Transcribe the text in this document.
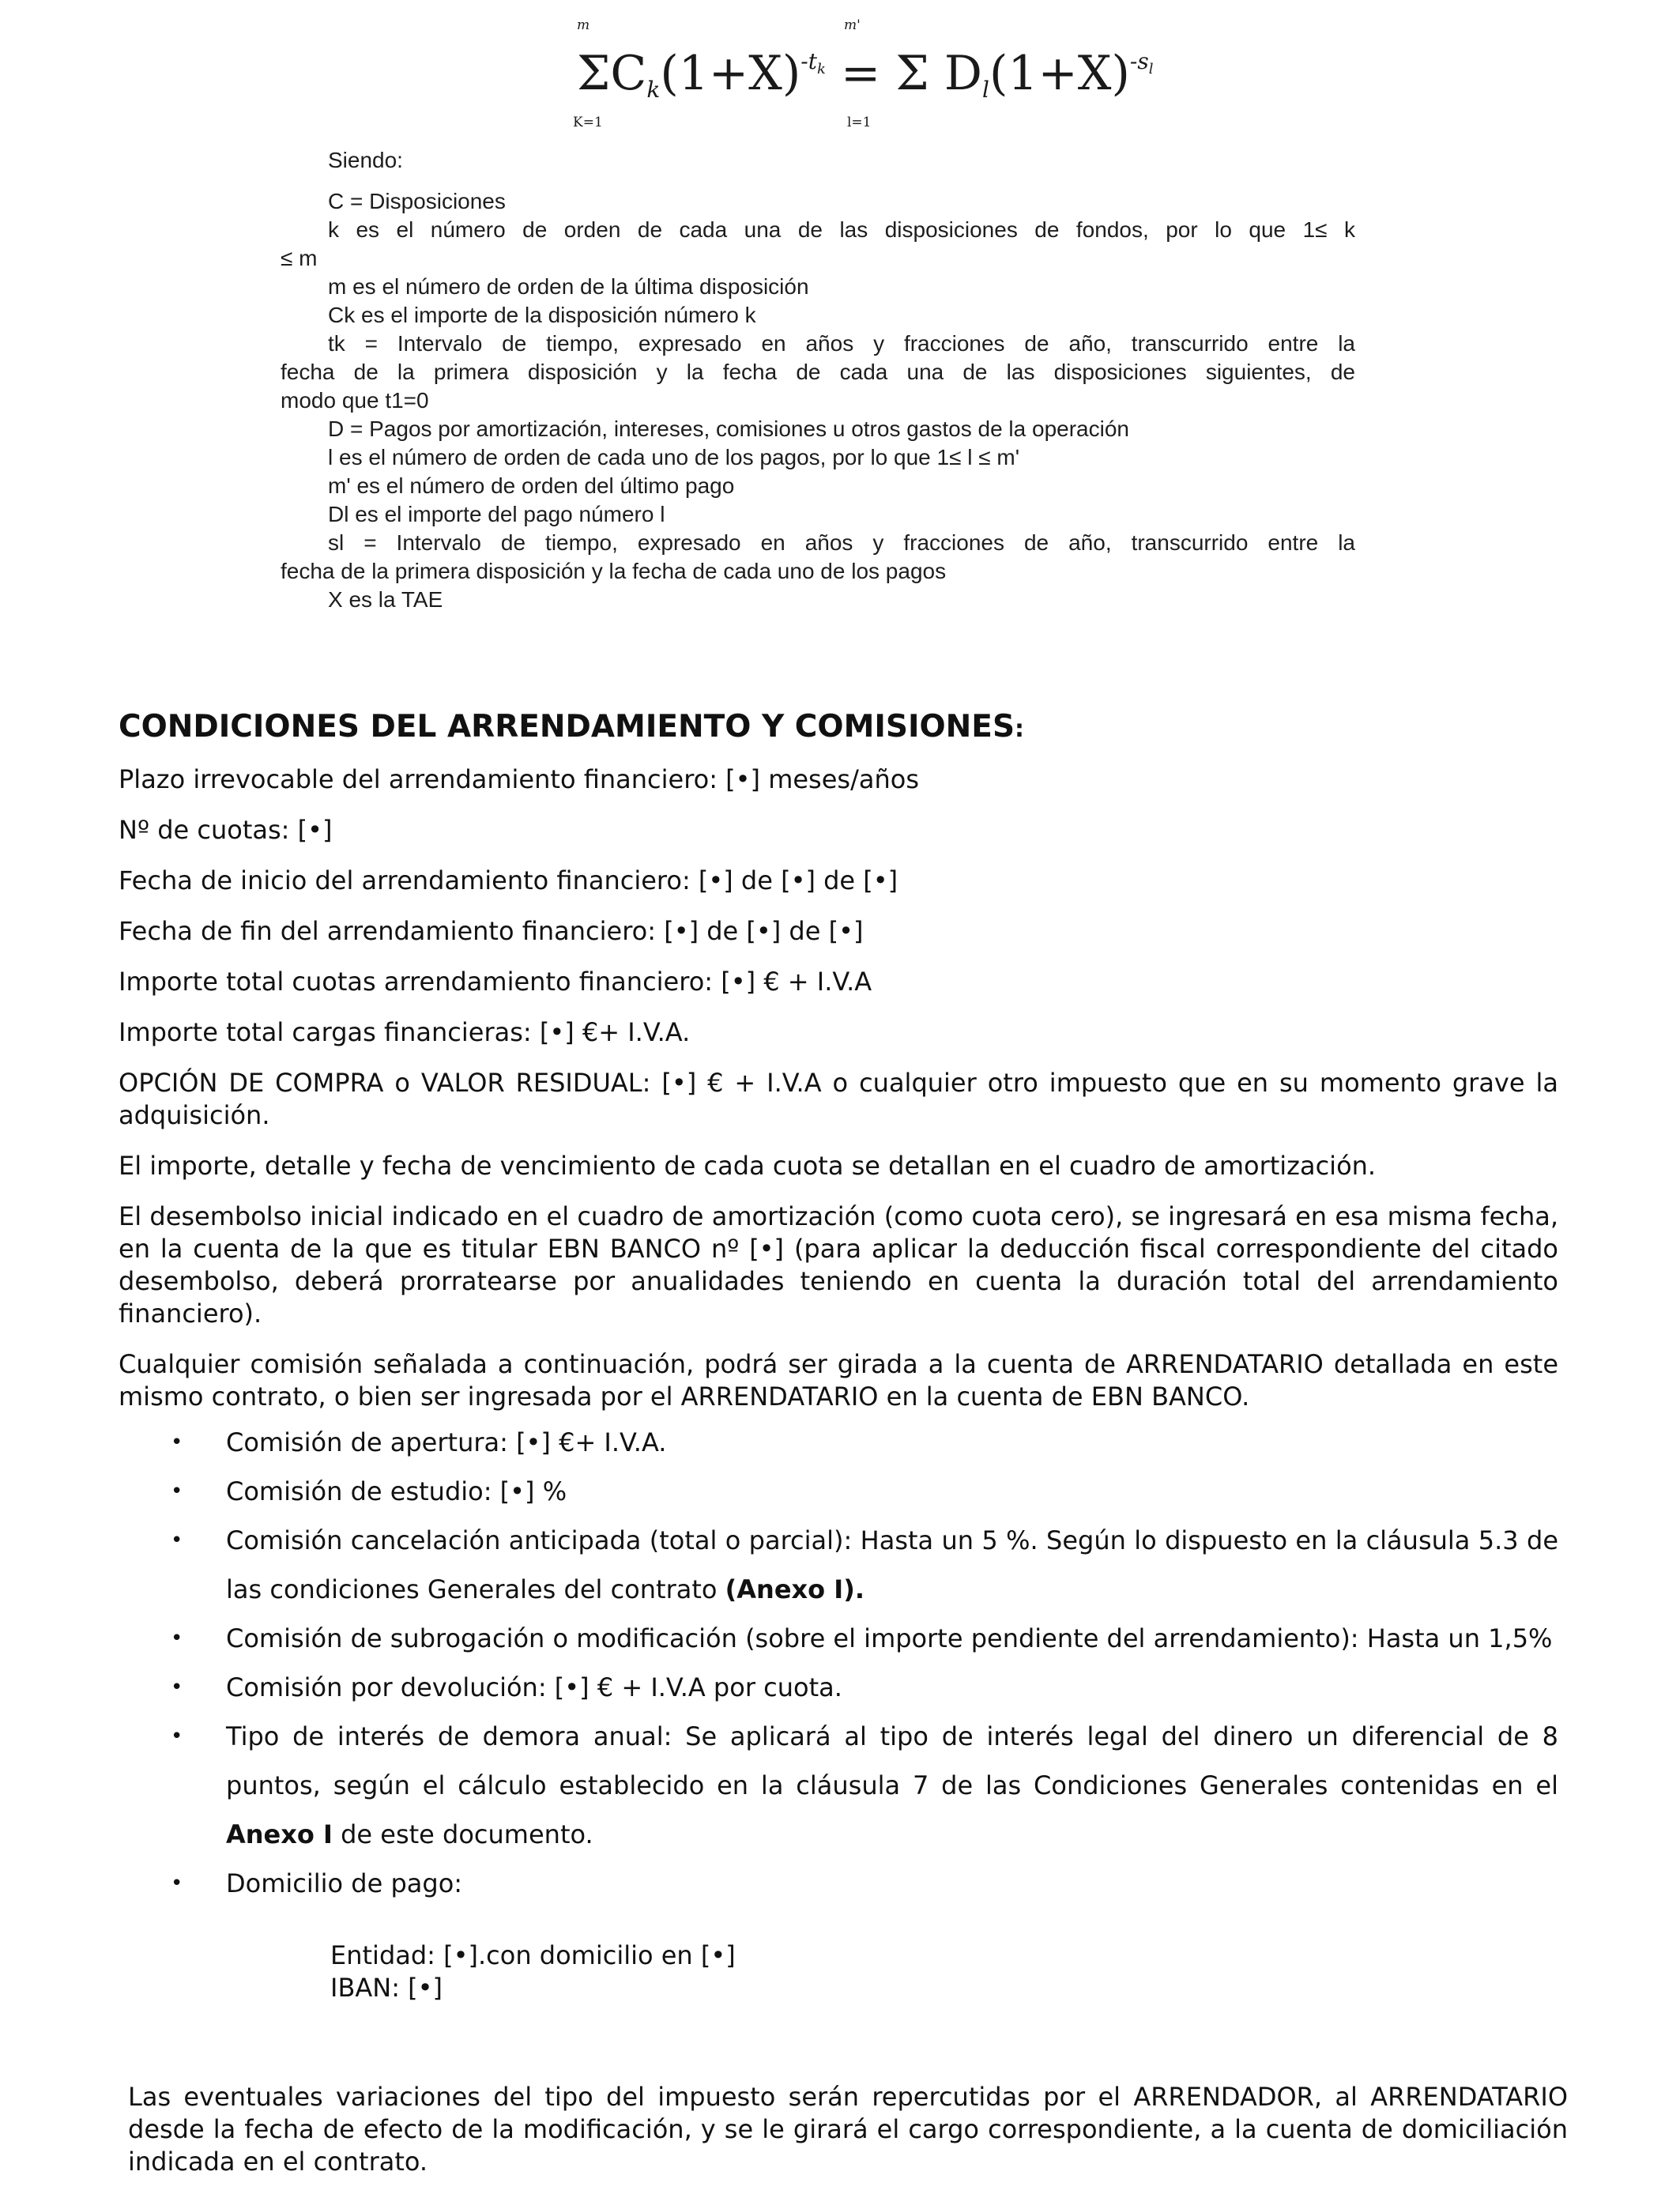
m	m'
$\Sigma C_k(1+X)^{-t_k} = \Sigma$ $D_l(1+X)^{-s_l}$
K=1	l=1
Siendo:
C = Disposiciones
k es el número de orden de cada una de las disposiciones de fondos, por lo que 1≤ k
≤ m
m es el número de orden de la última disposición
Ck es el importe de la disposición número k
tk = Intervalo de tiempo, expresado en años y fracciones de año, transcurrido entre la
fecha de la primera disposición y la fecha de cada una de las disposiciones siguientes, de
modo que t1=0
D = Pagos por amortización, intereses, comisiones u otros gastos de la operación
l es el número de orden de cada uno de los pagos, por lo que 1≤ l ≤ m'
m' es el número de orden del último pago
Dl es el importe del pago número l
sl = Intervalo de tiempo, expresado en años y fracciones de año, transcurrido entre la
fecha de la primera disposición y la fecha de cada uno de los pagos
X es la TAE
CONDICIONES DEL ARRENDAMIENTO Y COMISIONES:

Plazo irrevocable del arrendamiento financiero: [•] meses/años

Nº de cuotas: [•]

Fecha de inicio del arrendamiento financiero: [•] de [•] de [•]

Fecha de fin del arrendamiento financiero: [•] de [•] de [•]

Importe total cuotas arrendamiento financiero: [•] € + I.V.A

Importe total cargas financieras: [•] €+ I.V.A.

OPCIÓN DE COMPRA o VALOR RESIDUAL: [•] € + I.V.A o cualquier otro impuesto que en su momento grave la adquisición.

El importe, detalle y fecha de vencimiento de cada cuota se detallan en el cuadro de amortización.

El desembolso inicial indicado en el cuadro de amortización (como cuota cero), se ingresará en esa misma fecha, en la cuenta de la que es titular EBN BANCO nº [•] (para aplicar la deducción fiscal correspondiente del citado desembolso, deberá prorratearse por anualidades teniendo en cuenta la duración total del arrendamiento financiero).

Cualquier comisión señalada a continuación, podrá ser girada a la cuenta de ARRENDATARIO detallada en este mismo contrato, o bien ser ingresada por el ARRENDATARIO en la cuenta de EBN BANCO.

• Comisión de apertura: [•] €+ I.V.A.
• Comisión de estudio: [•] %
• Comisión cancelación anticipada (total o parcial): Hasta un 5 %. Según lo dispuesto en la cláusula 5.3 de las condiciones Generales del contrato (Anexo I).
• Comisión de subrogación o modificación (sobre el importe pendiente del arrendamiento): Hasta un 1,5%
• Comisión por devolución: [•] € + I.V.A por cuota.
• Tipo de interés de demora anual: Se aplicará al tipo de interés legal del dinero un diferencial de 8 puntos, según el cálculo establecido en la cláusula 7 de las Condiciones Generales contenidas en el Anexo I de este documento.
• Domicilio de pago:
Entidad: [•].con domicilio en [•]
IBAN: [•]

Las eventuales variaciones del tipo del impuesto serán repercutidas por el ARRENDADOR, al ARRENDATARIO desde la fecha de efecto de la modificación, y se le girará el cargo correspondiente, a la cuenta de domiciliación indicada en el contrato.
